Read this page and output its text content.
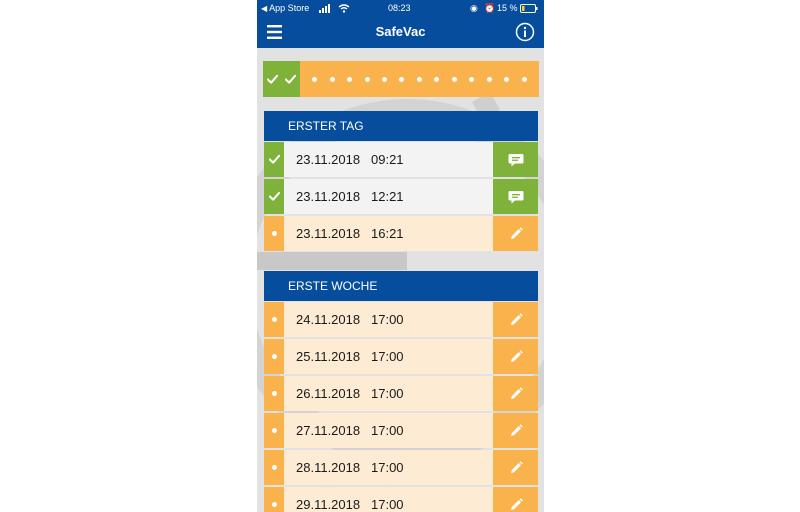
◀ App Store	08:23	◉ ⏰ 15 %
SafeVac
ERSTER TAG
23.11.2018 09:21
23.11.2018 12:21
23.11.2018 16:21
ERSTE WOCHE
24.11.2018 17:00
25.11.2018 17:00
26.11.2018 17:00
27.11.2018 17:00
28.11.2018 17:00
29.11.2018 17:00
